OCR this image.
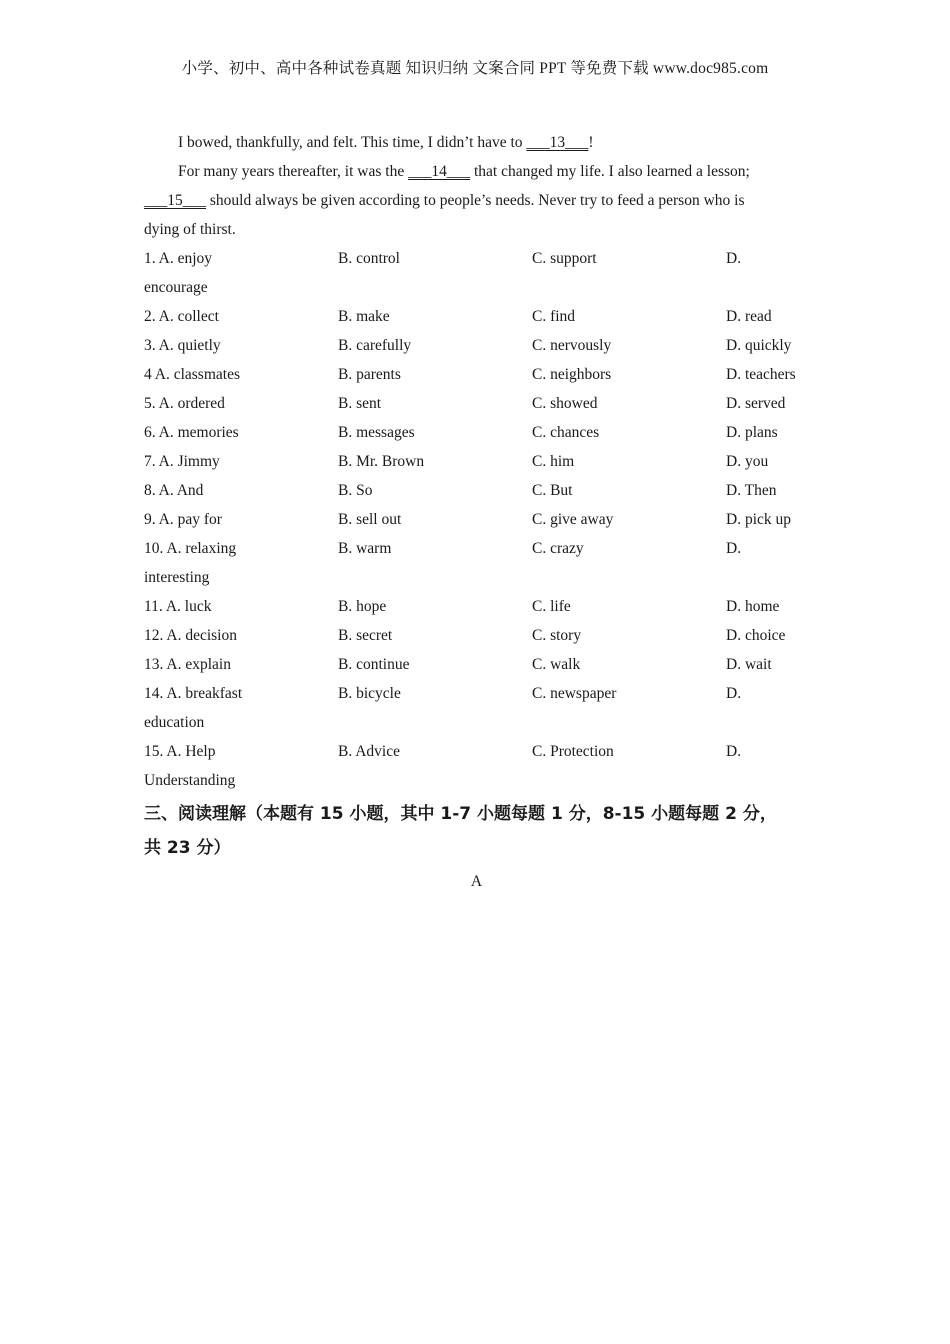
小学、初中、高中各种试卷真题 知识归纳 文案合同 PPT 等免费下载 www.doc985.com

I bowed, thankfully, and felt. This time, I didn’t have to ___13___!

For many years thereafter, it was the ___14___ that changed my life. I also learned a lesson;

___15___ should always be given according to people’s needs. Never try to feed a person who is

dying of thirst.

1. A. enjoy	B. control	C. support	D.
encourage
2. A. collect	B. make	C. find	D. read
3. A. quietly	B. carefully	C. nervously	D. quickly
4 A. classmates	B. parents	C. neighbors	D. teachers
5. A. ordered	B. sent	C. showed	D. served
6. A. memories	B. messages	C. chances	D. plans
7. A. Jimmy	B. Mr. Brown	C. him	D. you
8. A. And	B. So	C. But	D. Then
9. A. pay for	B. sell out	C. give away	D. pick up
10. A. relaxing	B. warm	C. crazy	D.
interesting
11. A. luck	B. hope	C. life	D. home
12. A. decision	B. secret	C. story	D. choice
13. A. explain	B. continue	C. walk	D. wait
14. A. breakfast	B. bicycle	C. newspaper	D.
education
15. A. Help	B. Advice	C. Protection	D.
Understanding
三、阅读理解（本题有 15 小题，其中 1-7 小题每题 1 分，8-15 小题每题 2 分，
共 23 分）
A
